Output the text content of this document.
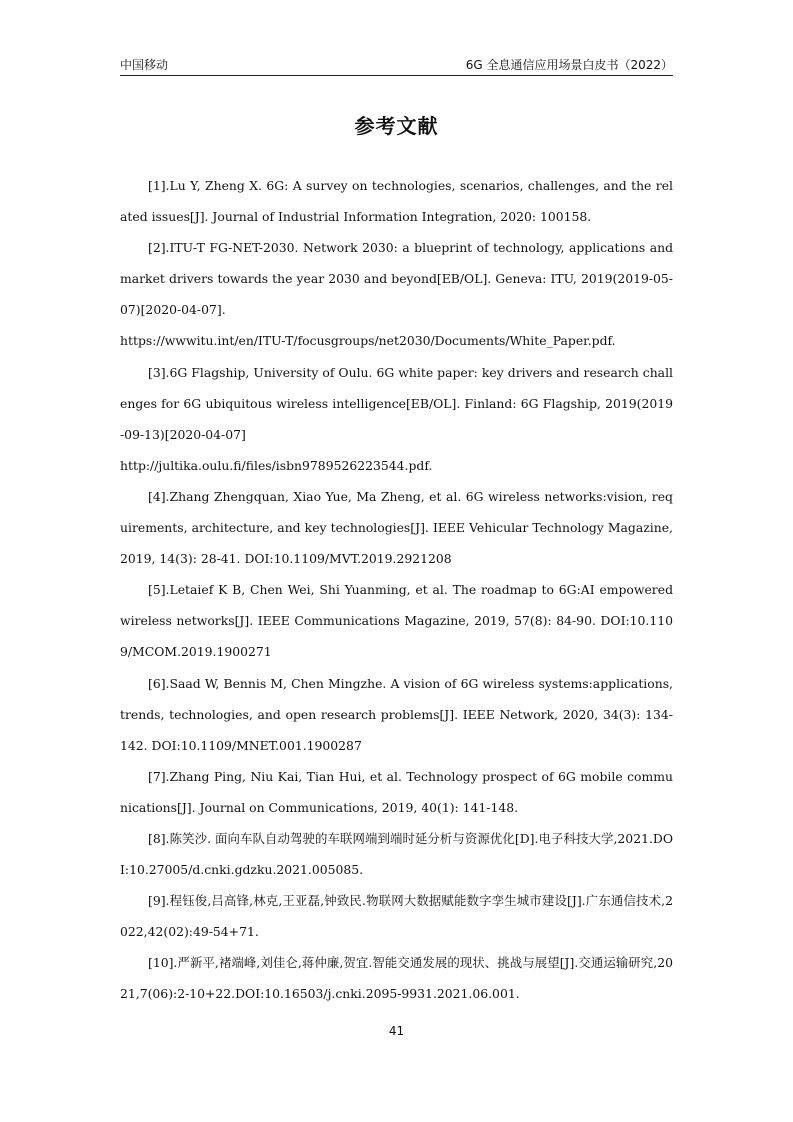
中国移动	6G 全息通信应用场景白皮书（2022）
参考文献

[1].Lu Y, Zheng X. 6G: A survey on technologies, scenarios, challenges, and the related issues[J]. Journal of Industrial Information Integration, 2020: 100158.

[2].ITU-T FG-NET-2030. Network 2030: a blueprint of technology, applications and market drivers towards the year 2030 and beyond[EB/OL]. Geneva: ITU, 2019(2019-05-07)[2020-04-07].

https://wwwitu.int/en/ITU-T/focusgroups/net2030/Documents/White_Paper.pdf.

[3].6G Flagship, University of Oulu. 6G white paper: key drivers and research challenges for 6G ubiquitous wireless intelligence[EB/OL]. Finland: 6G Flagship, 2019(2019-09-13)[2020-04-07]

http://jultika.oulu.fi/files/isbn9789526223544.pdf.

[4].Zhang Zhengquan, Xiao Yue, Ma Zheng, et al. 6G wireless networks:vision, requirements, architecture, and key technologies[J]. IEEE Vehicular Technology Magazine, 2019, 14(3): 28-41. DOI:10.1109/MVT.2019.2921208

[5].Letaief K B, Chen Wei, Shi Yuanming, et al. The roadmap to 6G:AI empowered wireless networks[J]. IEEE Communications Magazine, 2019, 57(8): 84-90. DOI:10.1109/MCOM.2019.1900271

[6].Saad W, Bennis M, Chen Mingzhe. A vision of 6G wireless systems:applications, trends, technologies, and open research problems[J]. IEEE Network, 2020, 34(3): 134-142. DOI:10.1109/MNET.001.1900287

[7].Zhang Ping, Niu Kai, Tian Hui, et al. Technology prospect of 6G mobile communications[J]. Journal on Communications, 2019, 40(1): 141-148.

[8].陈笑沙. 面向车队自动驾驶的车联网端到端时延分析与资源优化[D].电子科技大学,2021.DOI:10.27005/d.cnki.gdzku.2021.005085.

[9].程钰俊,吕高锋,林克,王亚磊,钟致民.物联网大数据赋能数字孪生城市建设[J].广东通信技术,2022,42(02):49-54+71.

[10].严新平,褚端峰,刘佳仑,蒋仲廉,贺宜.智能交通发展的现状、挑战与展望[J].交通运输研究,2021,7(06):2-10+22.DOI:10.16503/j.cnki.2095-9931.2021.06.001.

41
